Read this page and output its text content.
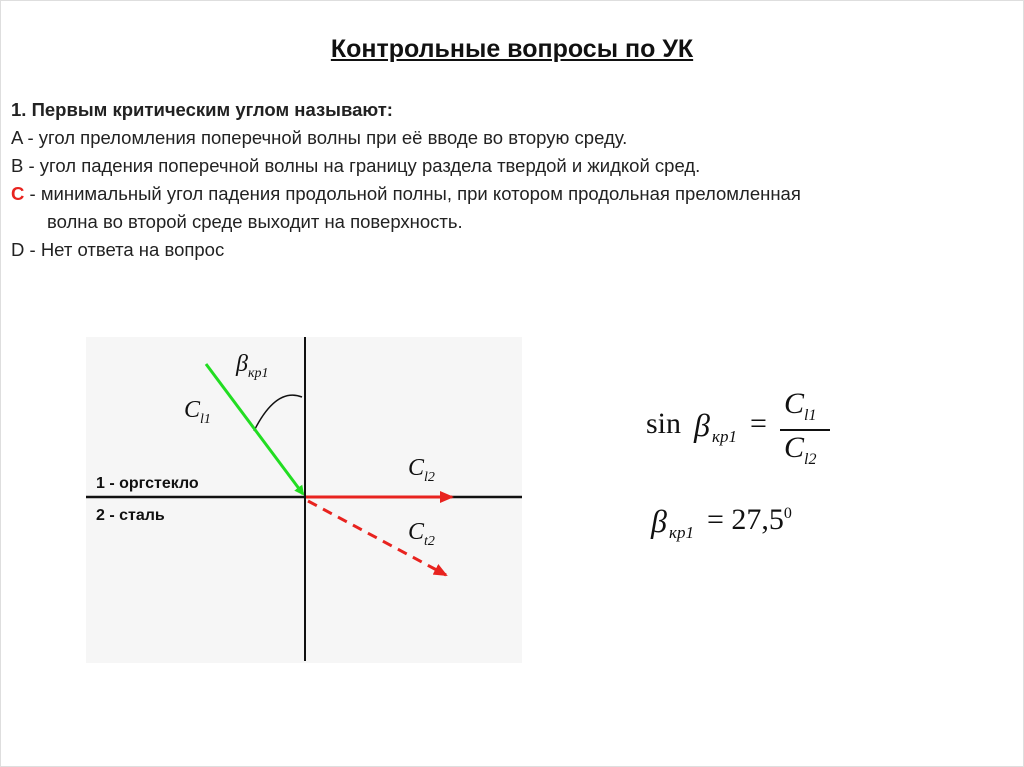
Контрольные вопросы по УК
1. Первым критическим углом называют:
A - угол преломления поперечной волны при её вводе во вторую среду.
B - угол падения поперечной волны на границу раздела твердой и жидкой сред.
C - минимальный угол падения продольной полны, при котором продольная преломленная
волна во второй среде выходит на поверхность.
D - Нет ответа на вопрос
$\beta_{кр1}$
$C_{l1}$
$C_{l2}$
$C_{t2}$
1 - оргстекло
2 - сталь
sin β кр1 =
$C_{l1}$
$C_{l2}$
β $кр1 = 27,5^0$
